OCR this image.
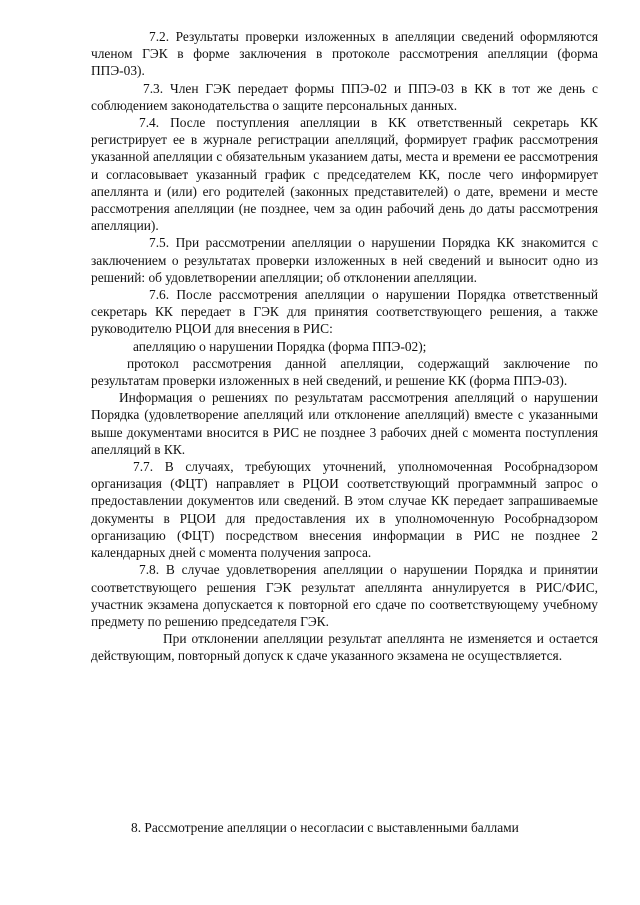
7.2. Результаты проверки изложенных в апелляции сведений оформляются членом ГЭК в форме заключения в протоколе рассмотрения апелляции (форма ППЭ-03).

7.3. Член ГЭК передает формы ППЭ-02 и ППЭ-03 в КК в тот же день с соблюдением законодательства о защите персональных данных.

7.4. После поступления апелляции в КК ответственный секретарь КК регистрирует ее в журнале регистрации апелляций, формирует график рассмотрения указанной апелляции с обязательным указанием даты, места и времени ее рассмотрения и согласовывает указанный график с председателем КК, после чего информирует апеллянта и (или) его родителей (законных представителей) о дате, времени и месте рассмотрения апелляции (не позднее, чем за один рабочий день до даты рассмотрения апелляции).

7.5. При рассмотрении апелляции о нарушении Порядка КК знакомится с заключением о результатах проверки изложенных в ней сведений и выносит одно из решений: об удовлетворении апелляции; об отклонении апелляции.

7.6. После рассмотрения апелляции о нарушении Порядка ответственный секретарь КК передает в ГЭК для принятия соответствующего решения, а также руководителю РЦОИ для внесения в РИС:

апелляцию о нарушении Порядка (форма ППЭ-02);

протокол рассмотрения данной апелляции, содержащий заключение по результатам проверки изложенных в ней сведений, и решение КК (форма ППЭ-03).

Информация о решениях по результатам рассмотрения апелляций о нарушении Порядка (удовлетворение апелляций или отклонение апелляций) вместе с указанными выше документами вносится в РИС не позднее 3 рабочих дней с момента поступления апелляций в КК.

7.7. В случаях, требующих уточнений, уполномоченная Рособрнадзором организация (ФЦТ) направляет в РЦОИ соответствующий программный запрос о предоставлении документов или сведений. В этом случае КК передает запрашиваемые документы в РЦОИ для предоставления их в уполномоченную Рособрнадзором организацию (ФЦТ) посредством внесения информации в РИС не позднее 2 календарных дней с момента получения запроса.

7.8. В случае удовлетворения апелляции о нарушении Порядка и принятии соответствующего решения ГЭК результат апеллянта аннулируется в РИС/ФИС, участник экзамена допускается к повторной его сдаче по соответствующему учебному предмету по решению председателя ГЭК.

При отклонении апелляции результат апеллянта не изменяется и остается действующим, повторный допуск к сдаче указанного экзамена не осуществляется.

8. Рассмотрение апелляции о несогласии с выставленными баллами
